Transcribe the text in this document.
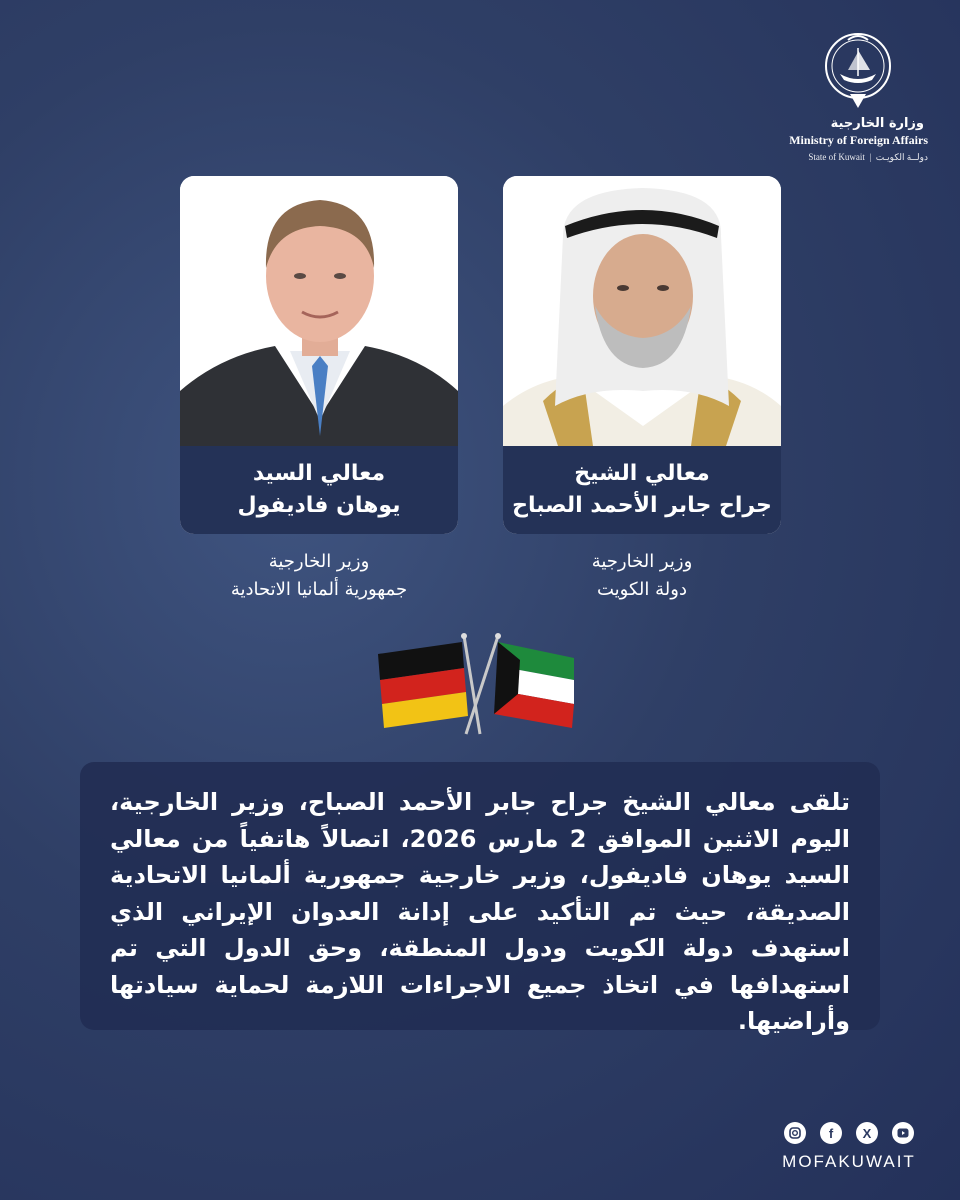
وزارة الخارجية
Ministry of Foreign Affairs
State of Kuwait  |  دولــة الكويـت
معالي السيد
يوهان فاديفول
معالي الشيخ
جراح جابر الأحمد الصباح
وزير الخارجية
جمهورية ألمانيا الاتحادية
وزير الخارجية
دولة الكويت

تلقى معالي الشيخ جراح جابر الأحمد الصباح، وزير الخارجية، اليوم الاثنين الموافق 2 مارس 2026، اتصالاً هاتفياً من معالي السيد يوهان فاديفول، وزير خارجية جمهورية ألمانيا الاتحادية الصديقة، حيث تم التأكيد على إدانة العدوان الإيراني الذي استهدف دولة الكويت ودول المنطقة، وحق الدول التي تم استهدافها في اتخاذ جميع الاجراءات اللازمة لحماية سيادتها وأراضيها.

f	X
MOFAKUWAIT
